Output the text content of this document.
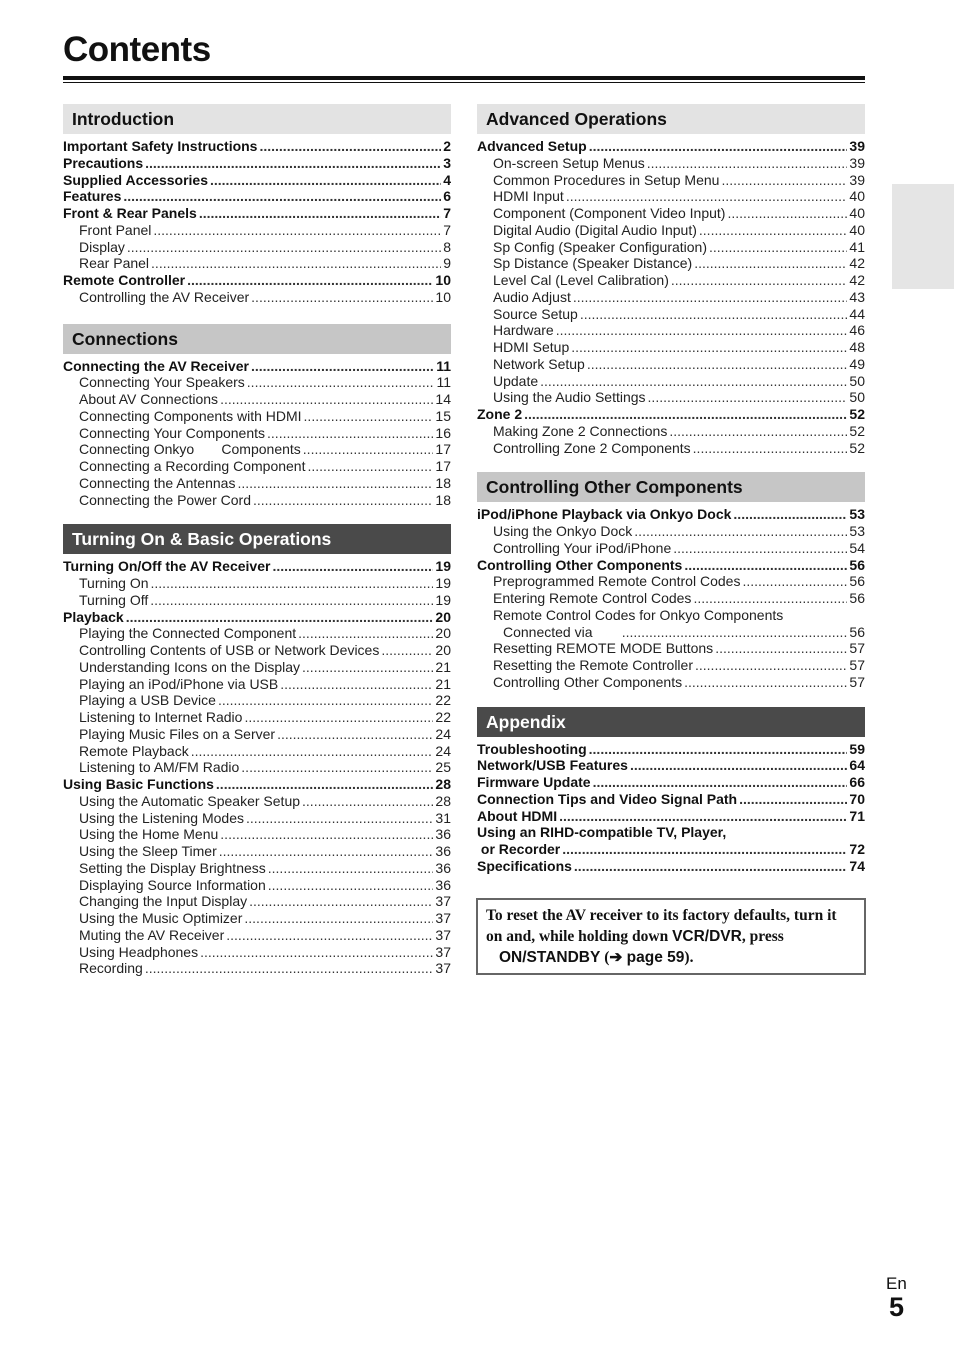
Contents
Introduction
Important Safety Instructions .....	2
Precautions .....	3
Supplied Accessories .....	4
Features .....	6
Front & Rear Panels .....	7
Front Panel .....	7
Display .....	8
Rear Panel .....	9
Remote Controller .....	10
Controlling the AV Receiver .....	10
Connections
Connecting the AV Receiver .....	11
Connecting Your Speakers .....	11
About AV Connections .....	14
Connecting Components with HDMI .....	15
Connecting Your Components .....	16
Connecting Onkyo       Components .....	17
Connecting a Recording Component .....	17
Connecting the Antennas .....	18
Connecting the Power Cord .....	18
Turning On & Basic Operations
Turning On/Off the AV Receiver .....	19
Turning On .....	19
Turning Off .....	19
Playback .....	20
Playing the Connected Component .....	20
Controlling Contents of USB or Network Devices .....	20
Understanding Icons on the Display .....	21
Playing an iPod/iPhone via USB .....	21
Playing a USB Device .....	22
Listening to Internet Radio .....	22
Playing Music Files on a Server .....	24
Remote Playback .....	24
Listening to AM/FM Radio .....	25
Using Basic Functions .....	28
Using the Automatic Speaker Setup .....	28
Using the Listening Modes .....	31
Using the Home Menu .....	36
Using the Sleep Timer .....	36
Setting the Display Brightness .....	36
Displaying Source Information .....	36
Changing the Input Display .....	37
Using the Music Optimizer .....	37
Muting the AV Receiver .....	37
Using Headphones .....	37
Recording .....	37
Advanced Operations
Advanced Setup .....	39
On-screen Setup Menus .....	39
Common Procedures in Setup Menu .....	39
HDMI Input .....	40
Component (Component Video Input) .....	40
Digital Audio (Digital Audio Input) .....	40
Sp Config (Speaker Configuration) .....	41
Sp Distance (Speaker Distance) .....	42
Level Cal (Level Calibration) .....	42
Audio Adjust .....	43
Source Setup .....	44
Hardware .....	46
HDMI Setup .....	48
Network Setup .....	49
Update .....	50
Using the Audio Settings .....	50
Zone 2 .....	52
Making Zone 2 Connections .....	52
Controlling Zone 2 Components .....	52
Controlling Other Components
iPod/iPhone Playback via Onkyo Dock .....	53
Using the Onkyo Dock .....	53
Controlling Your iPod/iPhone .....	54
Controlling Other Components .....	56
Preprogrammed Remote Control Codes .....	56
Entering Remote Control Codes .....	56
Remote Control Codes for Onkyo Components
Connected via .....	56
Resetting REMOTE MODE Buttons .....	57
Resetting the Remote Controller .....	57
Controlling Other Components .....	57
Appendix
Troubleshooting .....	59
Network/USB Features .....	64
Firmware Update .....	66
Connection Tips and Video Signal Path .....	70
About HDMI .....	71
Using an RIHD-compatible TV, Player,
or Recorder .....	72
Specifications .....	74
To reset the AV receiver to its factory defaults, turn it on and, while holding down VCR/DVR, press
ON/STANDBY (➔ page 59).
En
5
